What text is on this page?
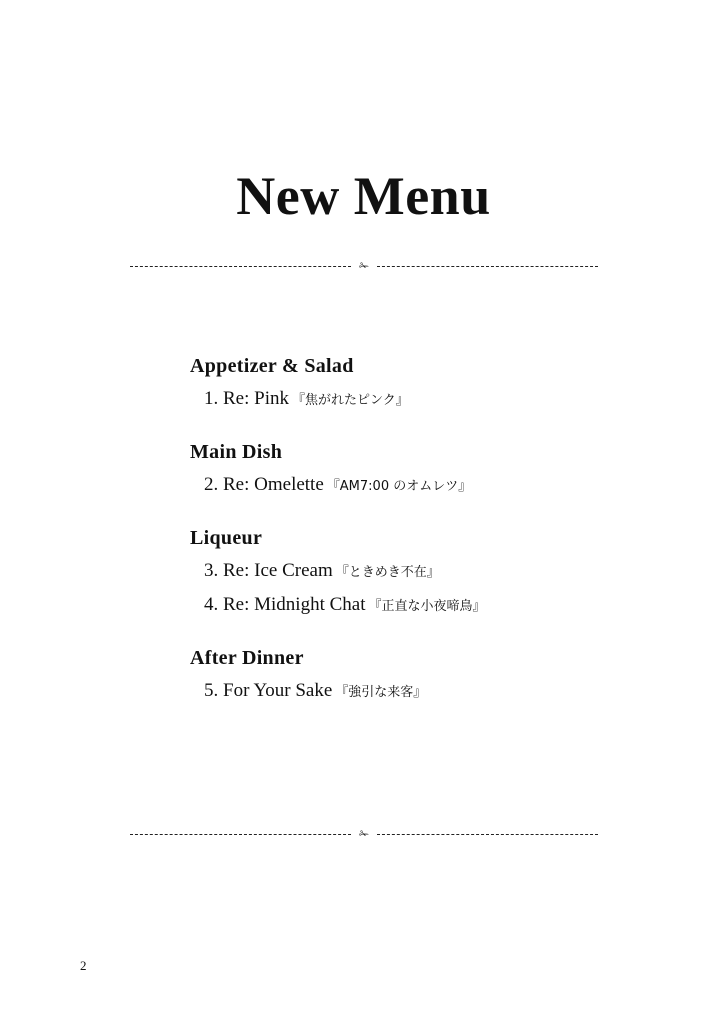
New Menu
✁
Appetizer & Salad
1. Re: Pink 『焦がれたピンク』
Main Dish
2. Re: Omelette 『AM7:00 のオムレツ』
Liqueur
3. Re: Ice Cream 『ときめき不在』
4. Re: Midnight Chat 『正直な小夜啼鳥』
After Dinner
5. For Your Sake 『強引な来客』
✁
2
